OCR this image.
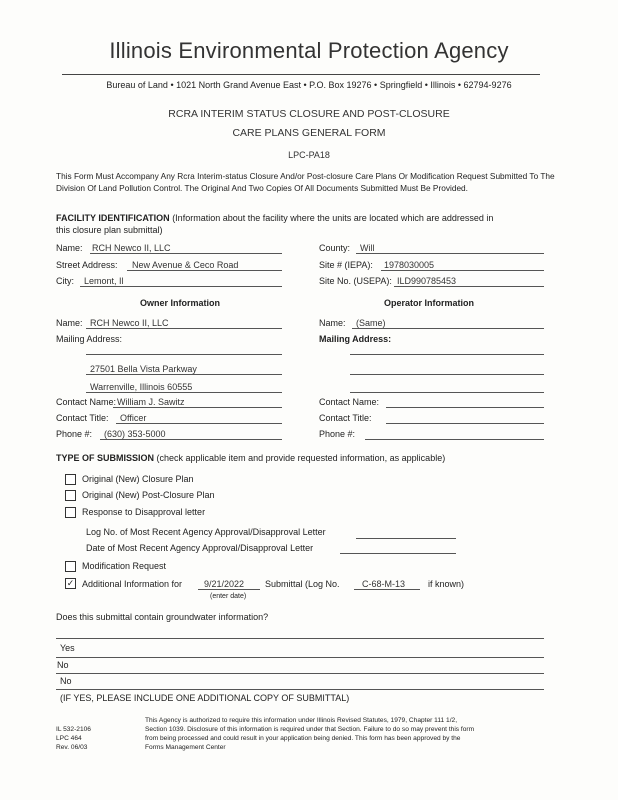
Illinois Environmental Protection Agency
Bureau of Land • 1021 North Grand Avenue East • P.O. Box 19276 • Springfield • Illinois • 62794-9276
RCRA INTERIM STATUS CLOSURE AND POST-CLOSURE
CARE PLANS GENERAL FORM
LPC-PA18
This Form Must Accompany Any Rcra Interim-status Closure And/or Post-closure Care Plans Or Modification Request Submitted To The Division Of Land Pollution Control. The Original And Two Copies Of All Documents Submitted Must Be Provided.
FACILITY IDENTIFICATION (Information about the facility where the units are located which are addressed in
this closure plan submittal)
Name: RCH Newco II, LLC	County: Will
Street Address: New Avenue & Ceco Road	Site # (IEPA): 1978030005
City: Lemont, Il	Site No. (USEPA): ILD990785453
Owner Information	Operator Information
Name: RCH Newco II, LLC
Mailing Address:
27501 Bella Vista Parkway
Warrenville, Illinois 60555
Contact Name: William J. Sawitz
Contact Title: Officer
Phone #: (630) 353-5000
Name: (Same)
Mailing Address:
Contact Name:
Contact Title:
Phone #:
TYPE OF SUBMISSION (check applicable item and provide requested information, as applicable)
Original (New) Closure Plan
Original (New) Post-Closure Plan
Response to Disapproval letter
Log No. of Most Recent Agency Approval/Disapproval Letter
Date of Most Recent Agency Approval/Disapproval Letter
Modification Request
✓ Additional Information for 9/21/2022 Submittal (Log No. C-68-M-13	if known)
(enter date)
Does this submittal contain groundwater information?
Yes
No
No
(IF YES, PLEASE INCLUDE ONE ADDITIONAL COPY OF SUBMITTAL)
IL 532-2106
LPC 464
Rev. 06/03
This Agency is authorized to require this information under Illinois Revised Statutes, 1979, Chapter 111 1/2,
Section 1039. Disclosure of this information is required under that Section. Failure to do so may prevent this form
from being processed and could result in your application being denied. This form has been approved by the
Forms Management Center
